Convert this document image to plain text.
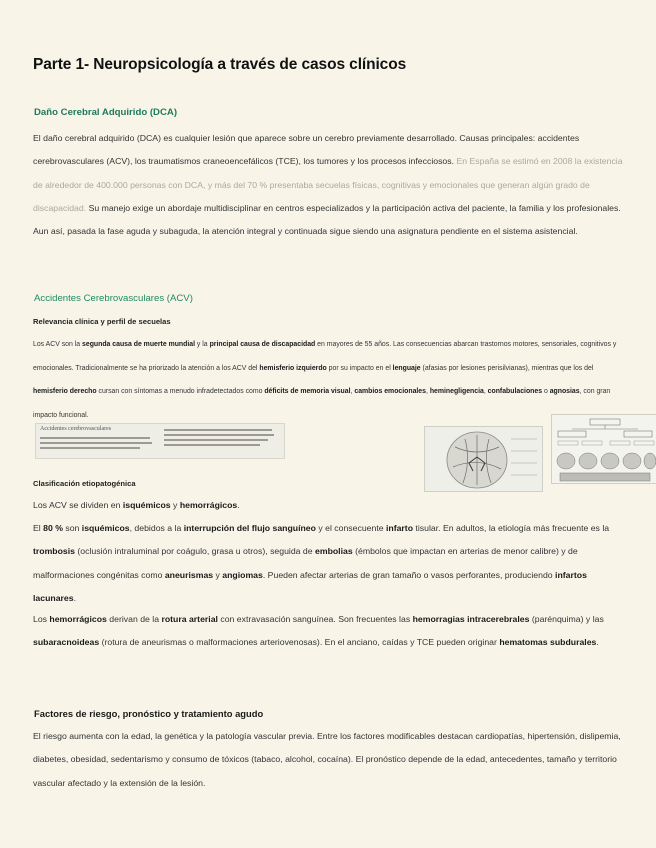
Parte 1- Neuropsicología a través de casos clínicos
Daño Cerebral Adquirido (DCA)

El daño cerebral adquirido (DCA) es cualquier lesión que aparece sobre un cerebro previamente desarrollado. Causas principales: accidentes cerebrovasculares (ACV), los traumatismos craneoencefálicos (TCE), los tumores y los procesos infecciosos. En España se estimó en 2008 la existencia de alrededor de 400.000 personas con DCA, y más del 70 % presentaba secuelas físicas, cognitivas y emocionales que generan algún grado de discapacidad. Su manejo exige un abordaje multidisciplinar en centros especializados y la participación activa del paciente, la familia y los profesionales. Aun así, pasada la fase aguda y subaguda, la atención integral y continuada sigue siendo una asignatura pendiente en el sistema asistencial.

Accidentes Cerebrovasculares (ACV)
Relevancia clínica y perfil de secuelas

Los ACV son la segunda causa de muerte mundial y la principal causa de discapacidad en mayores de 55 años. Las consecuencias abarcan trastornos motores, sensoriales, cognitivos y emocionales. Tradicionalmente se ha priorizado la atención a los ACV del hemisferio izquierdo por su impacto en el lenguaje (afasias por lesiones perisilvianas), mientras que los del hemisferio derecho cursan con síntomas a menudo infradetectados como déficits de memoria visual, cambios emocionales, heminegligencia, confabulaciones o agnosias, con gran impacto funcional.

Accidentes cerebrovasculares
Clasificación etiopatogénica

Los ACV se dividen en isquémicos y hemorrágicos.

El 80 % son isquémicos, debidos a la interrupción del flujo sanguíneo y el consecuente infarto tisular. En adultos, la etiología más frecuente es la trombosis (oclusión intraluminal por coágulo, grasa u otros), seguida de embolias (émbolos que impactan en arterias de menor calibre) y de malformaciones congénitas como aneurismas y angiomas. Pueden afectar arterias de gran tamaño o vasos perforantes, produciendo infartos lacunares.

Los hemorrágicos derivan de la rotura arterial con extravasación sanguínea. Son frecuentes las hemorragias intracerebrales (parénquima) y las subaracnoideas (rotura de aneurismas o malformaciones arteriovenosas). En el anciano, caídas y TCE pueden originar hematomas subdurales.

Factores de riesgo, pronóstico y tratamiento agudo

El riesgo aumenta con la edad, la genética y la patología vascular previa. Entre los factores modificables destacan cardiopatías, hipertensión, dislipemia, diabetes, obesidad, sedentarismo y consumo de tóxicos (tabaco, alcohol, cocaína). El pronóstico depende de la edad, antecedentes, tamaño y territorio vascular afectado y la extensión de la lesión.
